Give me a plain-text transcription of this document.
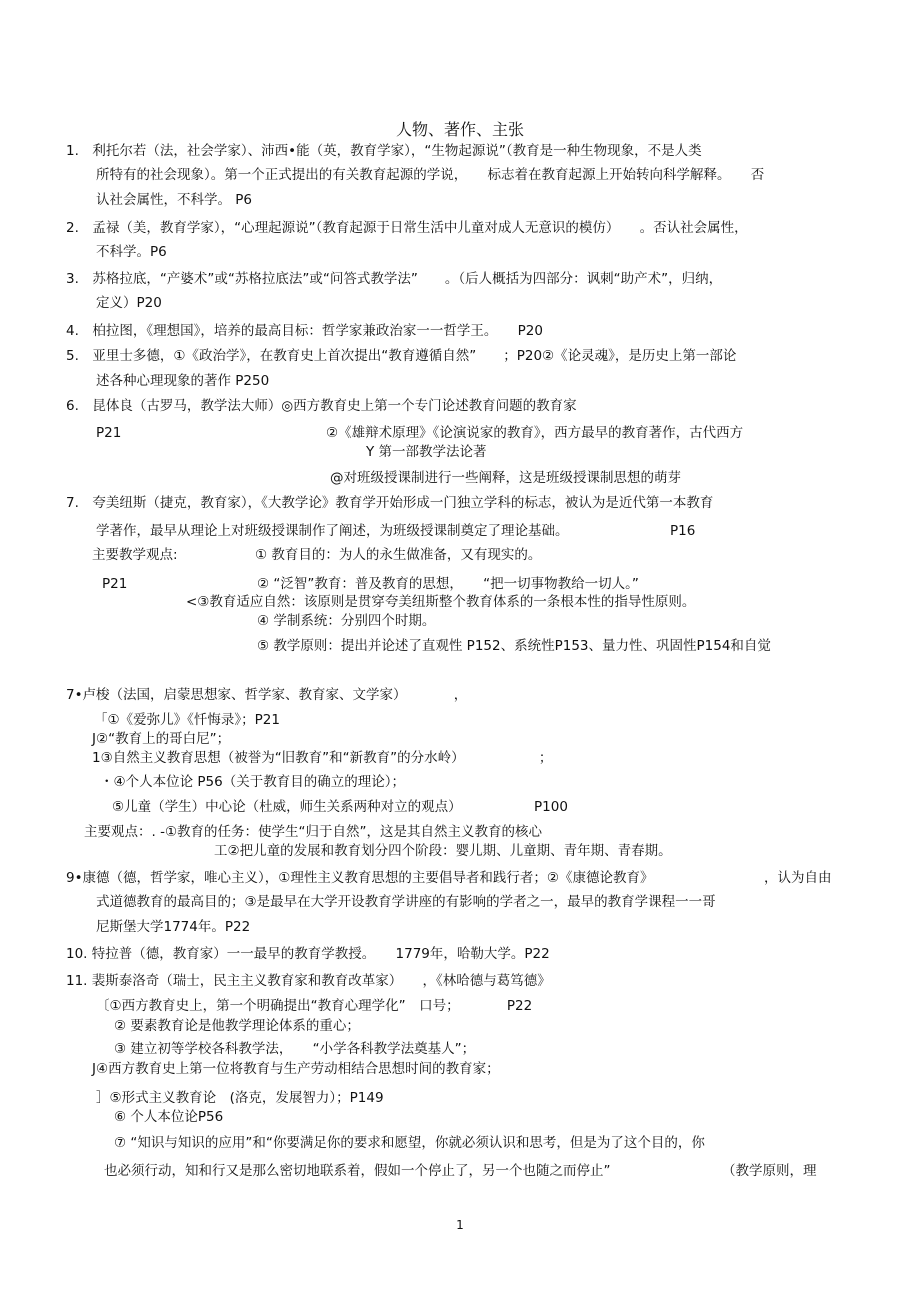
人物、著作、主张
1.　利托尔若（法，社会学家）、沛西•能（英，教育学家），“生物起源说”（教育是一种生物现象，不是人类
所特有的社会现象）。第一个正式提出的有关教育起源的学说，　　标志着在教育起源上开始转向科学解释。　　否
认社会属性，不科学。 P6
2.　孟禄（美，教育学家），“心理起源说”（教育起源于日常生活中儿童对成人无意识的模仿）　　。否认社会属性，
不科学。P6
3.　苏格拉底，“产婆术”或“苏格拉底法”或“问答式教学法”　　。（后人概括为四部分：讽刺“助产术”，归纳，
定义）P20
4.　柏拉图，《理想国》，培养的最高目标：哲学家兼政治家一一哲学王。　　P20
5.　亚里士多德，①《政治学》，在教育史上首次提出“教育遵循自然”　　；P20②《论灵魂》，是历史上第一部论
述各种心理现象的著作 P250
6.　昆体良（古罗马，教学法大师）◎西方教育史上第一个专门论述教育问题的教育家
P21	②《雄辩术原理》《论演说家的教育》，西方最早的教育著作，古代西方
Y 第一部教学法论著
@对班级授课制进行一些阐释，这是班级授课制思想的萌芽
7.　夸美纽斯（捷克，教育家），《大教学论》教育学开始形成一门独立学科的标志，被认为是近代第一本教育
学著作，最早从理论上对班级授课制作了阐述，为班级授课制奠定了理论基础。	P16
主要教学观点:	① 教育目的：为人的永生做准备，又有现实的。
P21	② “泛智”教育：普及教育的思想，　　“把一切事物教给一切人。”
<③教育适应自然：该原则是贯穿夸美纽斯整个教育体系的一条根本性的指导性原则。
④ 学制系统：分别四个时期。
⑤ 教学原则：提出并论述了直观性 P152、系统性P153、量力性、巩固性P154和自觉
7•卢梭（法国，启蒙思想家、哲学家、教育家、文学家）　　　　，
「①《爱弥儿》《忏悔录》；P21
J②“教育上的哥白尼”；
1③自然主义教育思想（被誉为“旧教育”和“新教育”的分水岭）　　　　　　；
・④个人本位论 P56（关于教育目的确立的理论）；
⑤儿童（学生）中心论（杜威，师生关系两种对立的观点）	P100
主要观点：. -①教育的任务：使学生“归于自然”，这是其自然主义教育的核心
工②把儿童的发展和教育划分四个阶段：婴儿期、儿童期、青年期、青春期。
9•康德（德，哲学家，唯心主义），①理性主义教育思想的主要倡导者和践行者；②《康德论教育》	，认为自由
式道德教育的最高目的；③是最早在大学开设教育学讲座的有影响的学者之一，最早的教育学课程一一哥
尼斯堡大学1774年。P22
10. 特拉普（德，教育家）一一最早的教育学教授。　　1779年，哈勒大学。P22
11. 裴斯泰洛奇（瑞士，民主主义教育家和教育改革家）　　，《林哈德与葛笃德》
〔①西方教育史上，第一个明确提出“教育心理学化”　口号；　　　　P22
② 要素教育论是他教学理论体系的重心；
③ 建立初等学校各科教学法，　　“小学各科教学法奠基人”；
J④西方教育史上第一位将教育与生产劳动相结合思想时间的教育家；
］⑤形式主义教育论　(洛克，发展智力）；P149
⑥ 个人本位论P56
⑦ “知识与知识的应用”和“你要满足你的要求和愿望，你就必须认识和思考，但是为了这个目的，你
也必须行动，知和行又是那么密切地联系着，假如一个停止了，另一个也随之而停止”	（教学原则，理
1
